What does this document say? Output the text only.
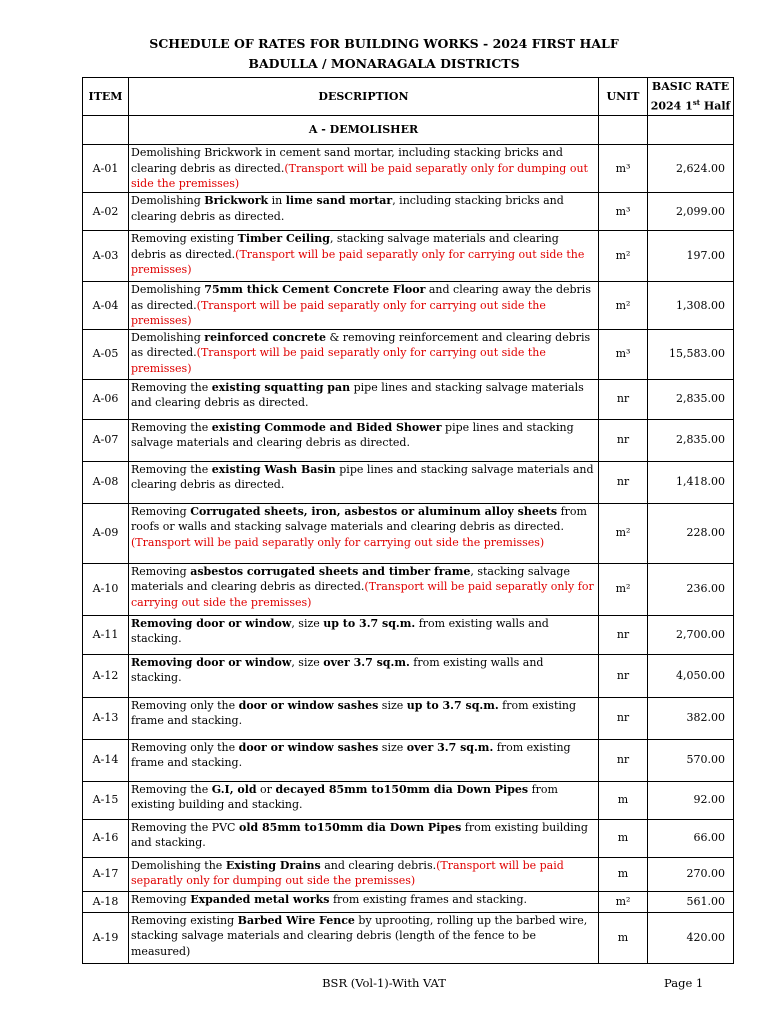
SCHEDULE OF RATES FOR BUILDING WORKS - 2024 FIRST HALF
BADULLA / MONARAGALA DISTRICTS
ITEM	DESCRIPTION	UNIT	BASIC RATE
2024 1st Half

	A - DEMOLISHER		
A-01	Demolishing Brickwork in cement sand mortar, including stacking bricks and clearing debris as directed.(Transport will be paid separatly only for dumping out side the premisses)	m³	2,624.00
A-02	Demolishing Brickwork in lime sand mortar, including stacking bricks and clearing debris as directed.	m³	2,099.00
A-03	Removing existing Timber Ceiling, stacking salvage materials and clearing debris as directed.(Transport will be paid separatly only for carrying out side the premisses)	m²	197.00
A-04	Demolishing 75mm thick Cement Concrete Floor and clearing away the debris as directed.(Transport will be paid separatly only for carrying out side the premisses)	m²	1,308.00
A-05	Demolishing reinforced concrete & removing reinforcement and clearing debris as directed.(Transport will be paid separatly only for carrying out side the premisses)	m³	15,583.00
A-06	Removing the existing squatting pan pipe lines and stacking salvage materials and clearing debris as directed.	nr	2,835.00
A-07	Removing the existing Commode and Bided Shower pipe lines and stacking salvage materials and clearing debris as directed.	nr	2,835.00
A-08	Removing the existing Wash Basin pipe lines and stacking salvage materials and clearing debris as directed.	nr	1,418.00
A-09	Removing Corrugated sheets, iron, asbestos or aluminum alloy sheets from roofs or walls and stacking salvage materials and clearing debris as directed.(Transport will be paid separatly only for carrying out side the premisses)	m²	228.00
A-10	Removing asbestos corrugated sheets and timber frame, stacking salvage materials and clearing debris as directed.(Transport will be paid separatly only for carrying out side the premisses)	m²	236.00
A-11	Removing door or window, size up to 3.7 sq.m. from existing walls and stacking.	nr	2,700.00
A-12	Removing door or window, size over 3.7 sq.m. from existing walls and stacking.	nr	4,050.00
A-13	Removing only the door or window sashes size up to 3.7 sq.m. from existing frame and stacking.	nr	382.00
A-14	Removing only the door or window sashes size over 3.7 sq.m. from existing frame and stacking.	nr	570.00
A-15	Removing the G.I, old or decayed 85mm to150mm dia Down Pipes from existing building and stacking.	m	92.00
A-16	Removing the PVC old 85mm to150mm dia Down Pipes from existing building and stacking.	m	66.00
A-17	Demolishing the Existing Drains and clearing debris.(Transport will be paid separatly only for dumping out side the premisses)	m	270.00
A-18	Removing Expanded metal works from existing frames and stacking.	m²	561.00
A-19	Removing existing Barbed Wire Fence by uprooting, rolling up the barbed wire, stacking salvage materials and clearing debris (length of the fence to be measured)	m	420.00
BSR (Vol-1)-With VAT	Page 1
